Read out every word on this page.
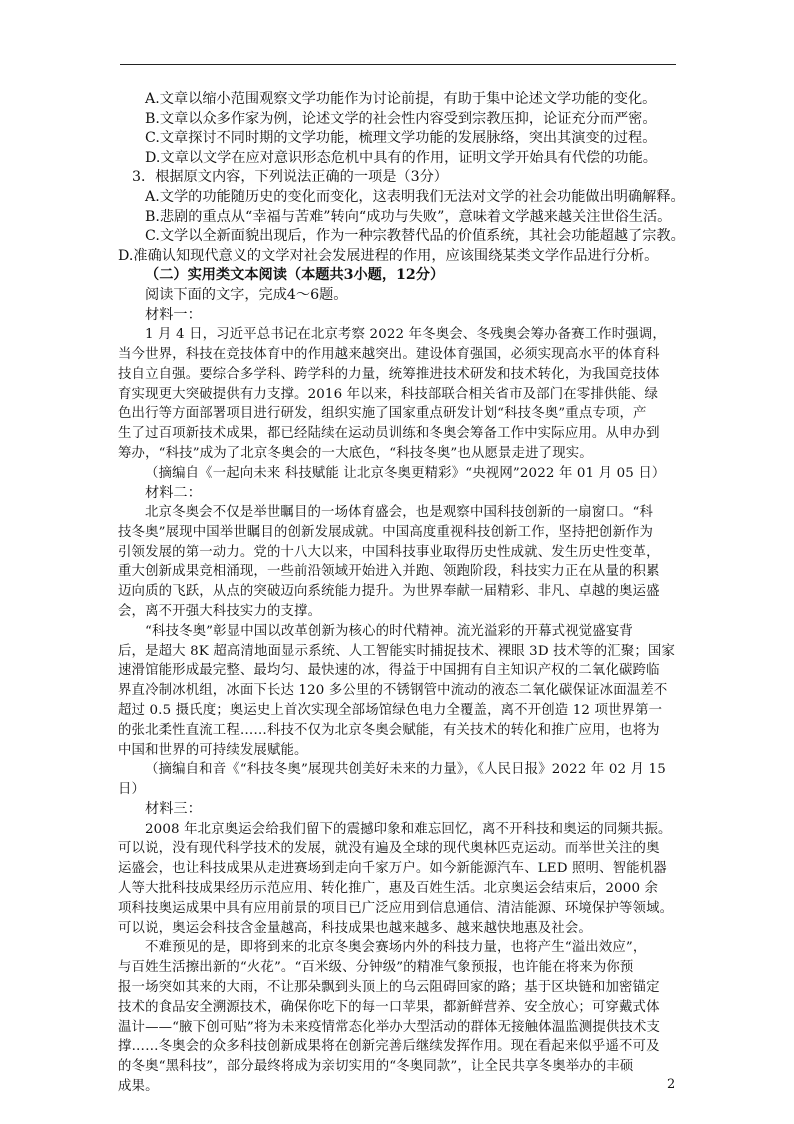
A.文章以缩小范围观察文学功能作为讨论前提，有助于集中论述文学功能的变化。
B.文章以众多作家为例，论述文学的社会性内容受到宗教压抑，论证充分而严密。
C.文章探讨不同时期的文学功能，梳理文学功能的发展脉络，突出其演变的过程。
D.文章以文学在应对意识形态危机中具有的作用，证明文学开始具有代偿的功能。
3．根据原文内容，下列说法正确的一项是（3分）
A.文学的功能随历史的变化而变化，这表明我们无法对文学的社会功能做出明确解释。
B.悲剧的重点从“幸福与苦难”转向“成功与失败”，意味着文学越来越关注世俗生活。
C.文学以全新面貌出现后，作为一种宗教替代品的价值系统，其社会功能超越了宗教。
D.准确认知现代意义的文学对社会发展进程的作用，应该围绕某类文学作品进行分析。
（二）实用类文本阅读（本题共3小题，12分）
阅读下面的文字，完成4～6题。
材料一：
1 月 4 日，习近平总书记在北京考察 2022 年冬奥会、冬残奥会筹办备赛工作时强调，
当今世界，科技在竞技体育中的作用越来越突出。建设体育强国，必须实现高水平的体育科
技自立自强。要综合多学科、跨学科的力量，统筹推进技术研发和技术转化，为我国竞技体
育实现更大突破提供有力支撑。2016 年以来，科技部联合相关省市及部门在零排供能、绿
色出行等方面部署项目进行研发，组织实施了国家重点研发计划“科技冬奥”重点专项，产
生了过百项新技术成果，都已经陆续在运动员训练和冬奥会筹备工作中实际应用。从申办到
筹办，“科技”成为了北京冬奥会的一大底色，“科技冬奥”也从愿景走进了现实。
（摘编自《一起向未来 科技赋能 让北京冬奥更精彩》“央视网”2022 年 01 月 05 日）
材料二：
北京冬奥会不仅是举世瞩目的一场体育盛会，也是观察中国科技创新的一扇窗口。“科
技冬奥”展现中国举世瞩目的创新发展成就。中国高度重视科技创新工作，坚持把创新作为
引领发展的第一动力。党的十八大以来，中国科技事业取得历史性成就、发生历史性变革，
重大创新成果竞相涌现，一些前沿领域开始进入并跑、领跑阶段，科技实力正在从量的积累
迈向质的飞跃，从点的突破迈向系统能力提升。为世界奉献一届精彩、非凡、卓越的奥运盛
会，离不开强大科技实力的支撑。
“科技冬奥”彰显中国以改革创新为核心的时代精神。流光溢彩的开幕式视觉盛宴背
后，是超大 8K 超高清地面显示系统、人工智能实时捕捉技术、裸眼 3D 技术等的汇聚；国家
速滑馆能形成最完整、最均匀、最快速的冰，得益于中国拥有自主知识产权的二氧化碳跨临
界直冷制冰机组，冰面下长达 120 多公里的不锈钢管中流动的液态二氧化碳保证冰面温差不
超过 0.5 摄氏度；奥运史上首次实现全部场馆绿色电力全覆盖，离不开创造 12 项世界第一
的张北柔性直流工程……科技不仅为北京冬奥会赋能，有关技术的转化和推广应用，也将为
中国和世界的可持续发展赋能。
（摘编自和音《“科技冬奥”展现共创美好未来的力量》，《人民日报》2022 年 02 月 15
日）
材料三：
2008 年北京奥运会给我们留下的震撼印象和难忘回忆，离不开科技和奥运的同频共振。
可以说，没有现代科学技术的发展，就没有遍及全球的现代奥林匹克运动。而举世关注的奥
运盛会，也让科技成果从走进赛场到走向千家万户。如今新能源汽车、LED 照明、智能机器
人等大批科技成果经历示范应用、转化推广，惠及百姓生活。北京奥运会结束后，2000 余
项科技奥运成果中具有应用前景的项目已广泛应用到信息通信、清洁能源、环境保护等领域。
可以说，奥运会科技含金量越高，科技成果也越来越多、越来越快地惠及社会。
不难预见的是，即将到来的北京冬奥会赛场内外的科技力量，也将产生“溢出效应”，
与百姓生活擦出新的“火花”。“百米级、分钟级”的精准气象预报，也许能在将来为你预
报一场突如其来的大雨，不让那朵飘到头顶上的乌云阻碍回家的路；基于区块链和加密锚定
技术的食品安全溯源技术，确保你吃下的每一口苹果，都新鲜营养、安全放心；可穿戴式体
温计——“腋下创可贴”将为未来疫情常态化举办大型活动的群体无接触体温监测提供技术支
撑……冬奥会的众多科技创新成果将在创新完善后继续发挥作用。现在看起来似乎遥不可及
的冬奥“黑科技”，部分最终将成为亲切实用的“冬奥同款”，让全民共享冬奥举办的丰硕
成果。	2
